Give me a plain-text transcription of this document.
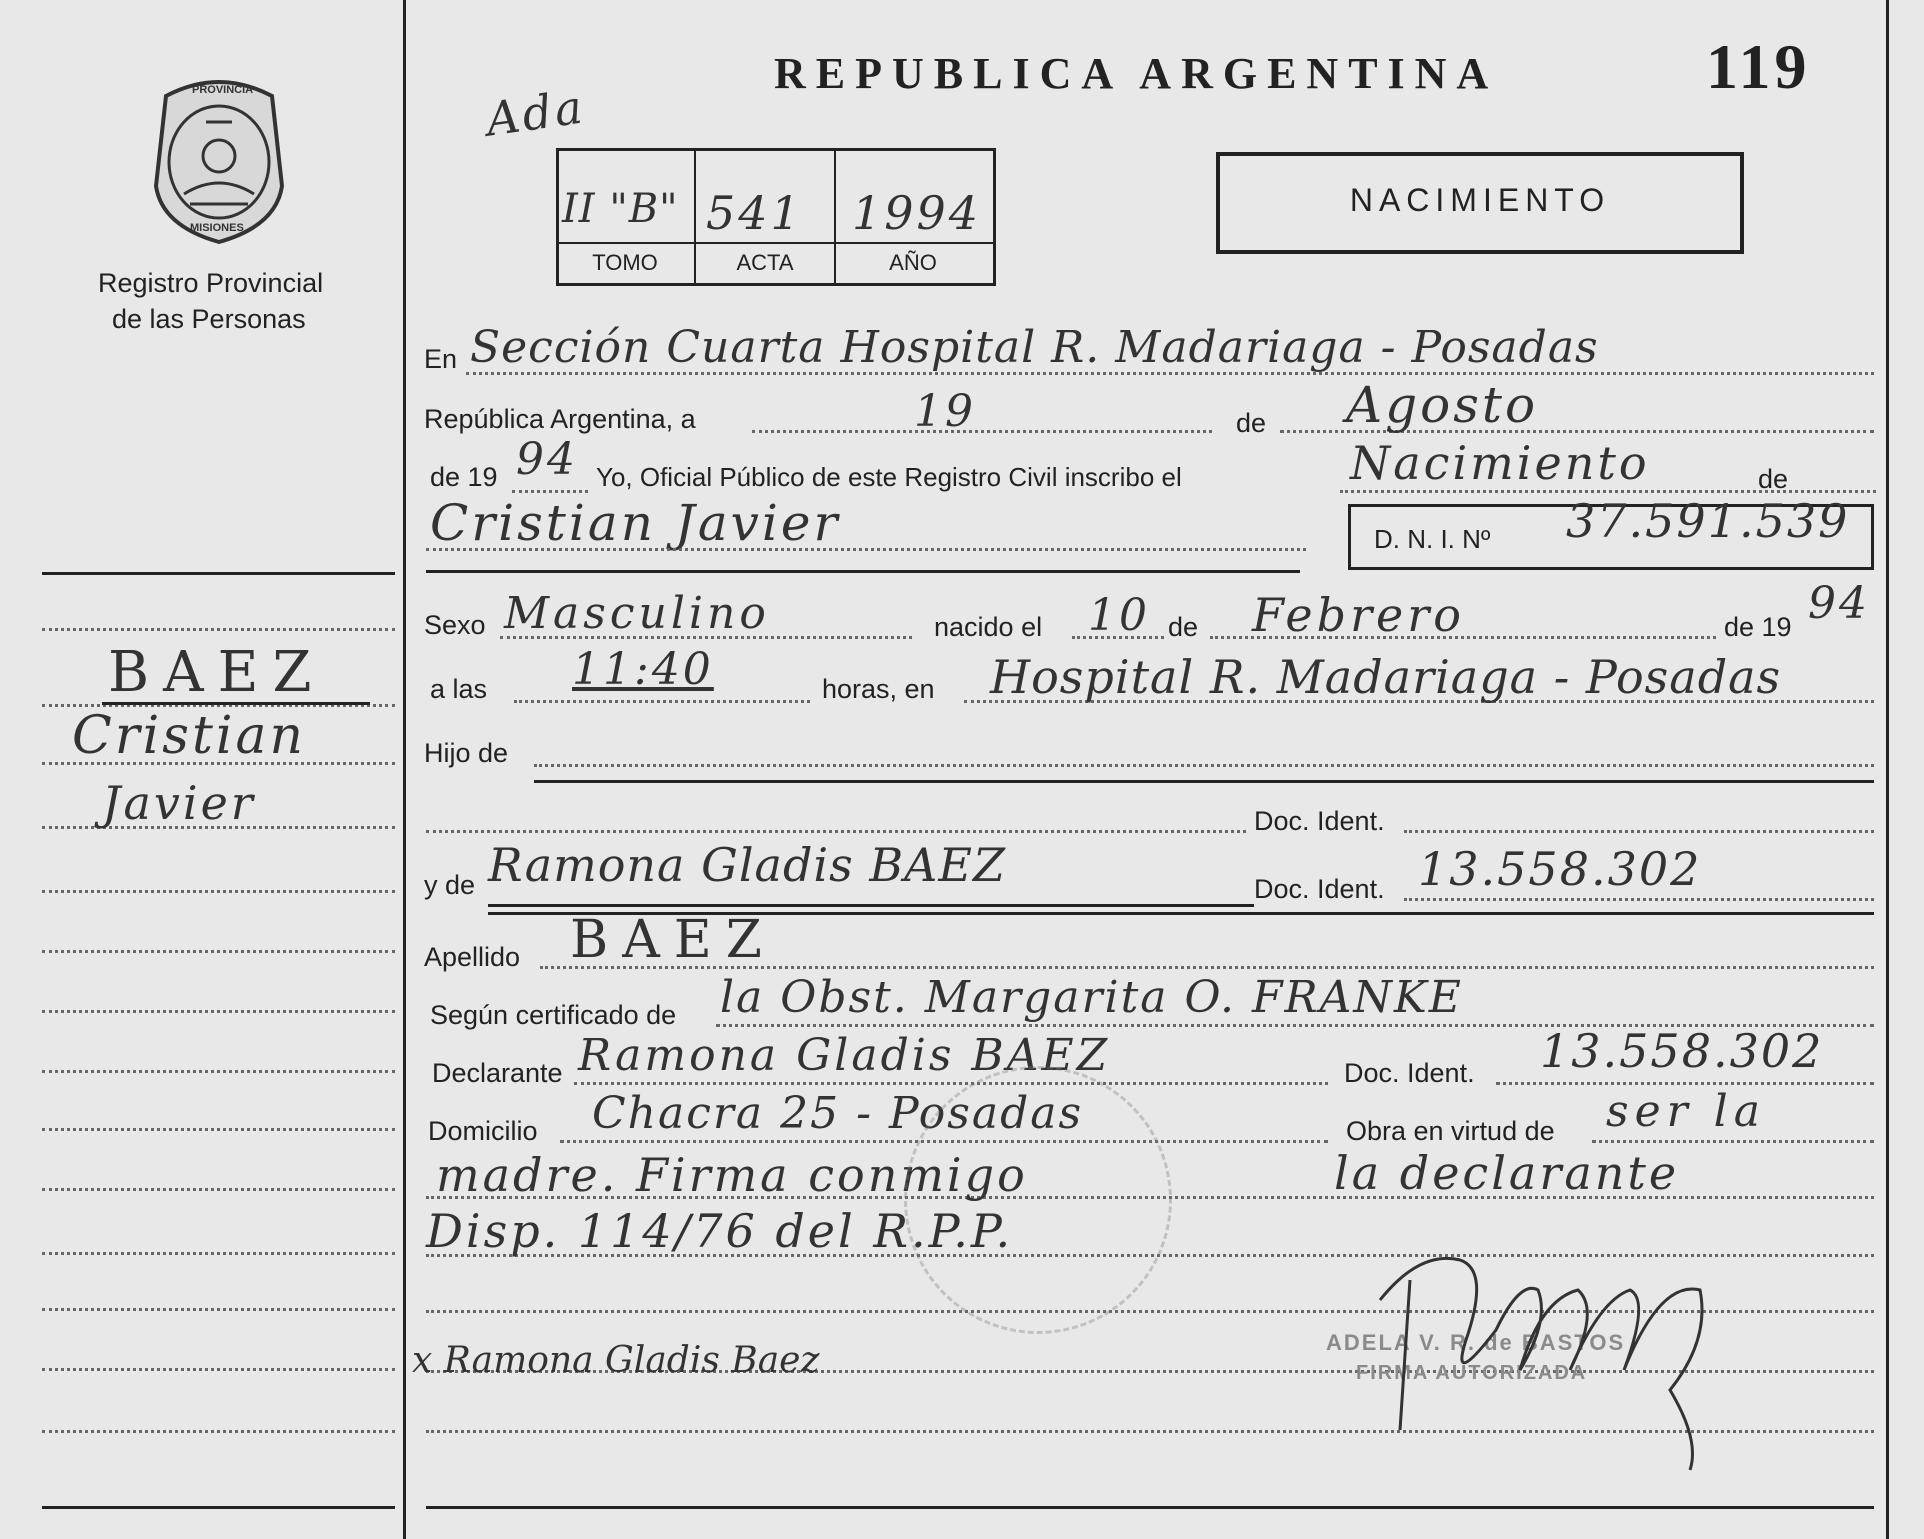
PROVINCIA
MISIONES
Registro Provincial
de las Personas
BAEZ
Cristian
Javier
Ada
REPUBLICA ARGENTINA	119
II "B" 541 1994
TOMO	ACTA	AÑO
NACIMIENTO
En Sección Cuarta Hospital R. Madariaga - Posadas
República Argentina, a	19	de Agosto
de 19 94 Yo, Oficial Público de este Registro Civil inscribo el	Nacimiento	de
Cristian Javier	D. N. I. Nº 37.591.539
Sexo Masculino	nacido el 10 de Febrero	de 19 94
a las 11:40	horas, en Hospital R. Madariaga - Posadas
Hijo de
Doc. Ident.
y de Ramona Gladis BAEZ	Doc. Ident. 13.558.302
Apellido BAEZ
Según certificado de la Obst. Margarita O. FRANKE
Declarante Ramona Gladis BAEZ	Doc. Ident. 13.558.302
Domicilio Chacra 25 - Posadas	Obra en virtud de ser la
madre. Firma conmigo	la declarante
Disp. 114/76 del R.P.P.
x Ramona Gladis Baez	ADELA V. R. de BASTOS
FIRMA AUTORIZADA
